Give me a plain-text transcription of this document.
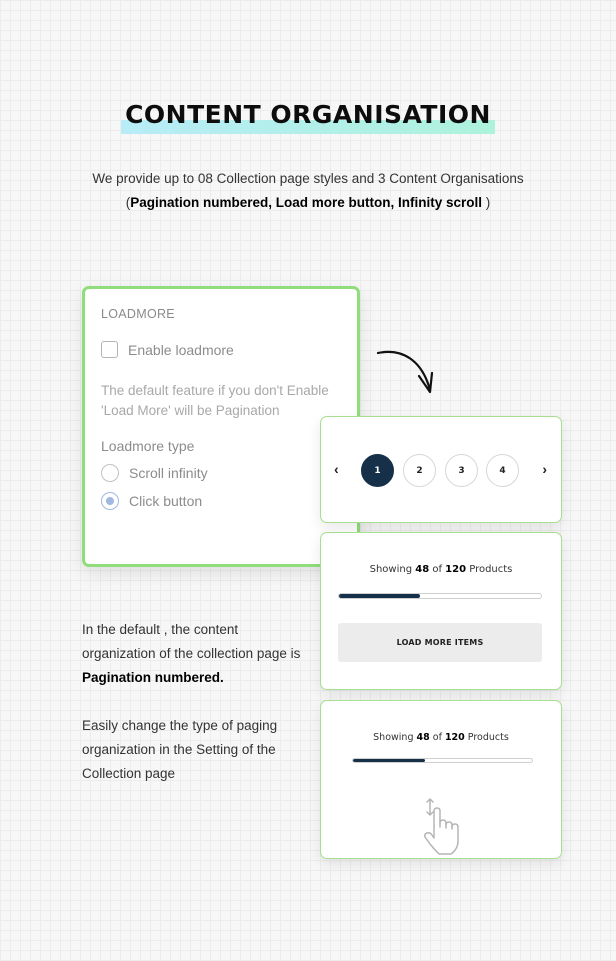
CONTENT ORGANISATION
We provide up to 08 Collection page styles and 3 Content Organisations
(Pagination numbered, Load more button, Infinity scroll )
LOADMORE
Enable loadmore
The default feature if you don't Enable 'Load More' will be Pagination
Loadmore type
Scroll infinity
Click button
‹	1	2	3	4	›
Showing 48 of 120 Products
LOAD MORE ITEMS
Showing 48 of 120 Products
In the default , the content organization of the collection page is Pagination numbered.
Easily change the type of paging organization in the Setting of the Collection page
